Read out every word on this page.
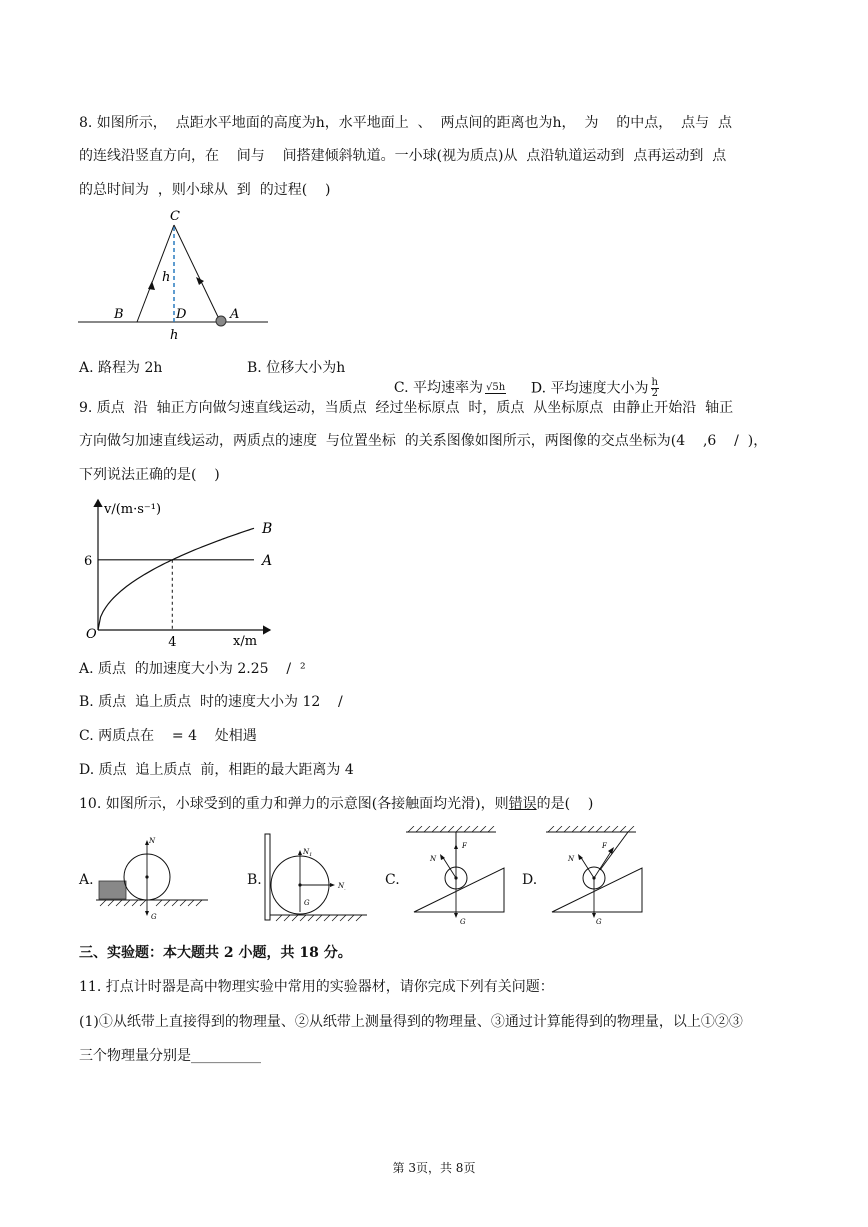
8. 如图所示，  点距水平地面的高度为h，水平地面上  、  两点间的距离也为h，  为    的中点，  点与  点
的连线沿竖直方向，在    间与    间搭建倾斜轨道。一小球(视为质点)从  点沿轨道运动到  点再运动到  点
的总时间为  ，则小球从  到  的过程(    )
C
B	D	A
h
h
A. 路程为 2h	B. 位移大小为h

C. 平均速率为 √5h	D. 平均速度大小为 $\frac{h}{2}$

9. 质点  沿  轴正方向做匀速直线运动，当质点  经过坐标原点  时，质点  从坐标原点  由静止开始沿  轴正
方向做匀加速直线运动，两质点的速度  与位置坐标  的关系图像如图所示，两图像的交点坐标为(4    ,6    /  )，
下列说法正确的是(    )
A
B
v/(m·s⁻¹)
x/m
O
4
6
A. 质点  的加速度大小为 2.25    /  ²
B. 质点  追上质点  时的速度大小为 12    /
C. 两质点在    = 4    处相遇
D. 质点  追上质点  前，相距的最大距离为 4
10. 如图所示，小球受到的重力和弹力的示意图(各接触面均光滑)，则错误的是(    )
A.
N
G
B.
$N_1$
$N_.$
G
C.
F
N
G
D.
F
N
G
三、实验题：本大题共 2 小题，共 18 分。
11. 打点计时器是高中物理实验中常用的实验器材，请你完成下列有关问题：
(1)①从纸带上直接得到的物理量、②从纸带上测量得到的物理量、③通过计算能得到的物理量，以上①②③
三个物理量分别是__________
第 3页，共 8页
